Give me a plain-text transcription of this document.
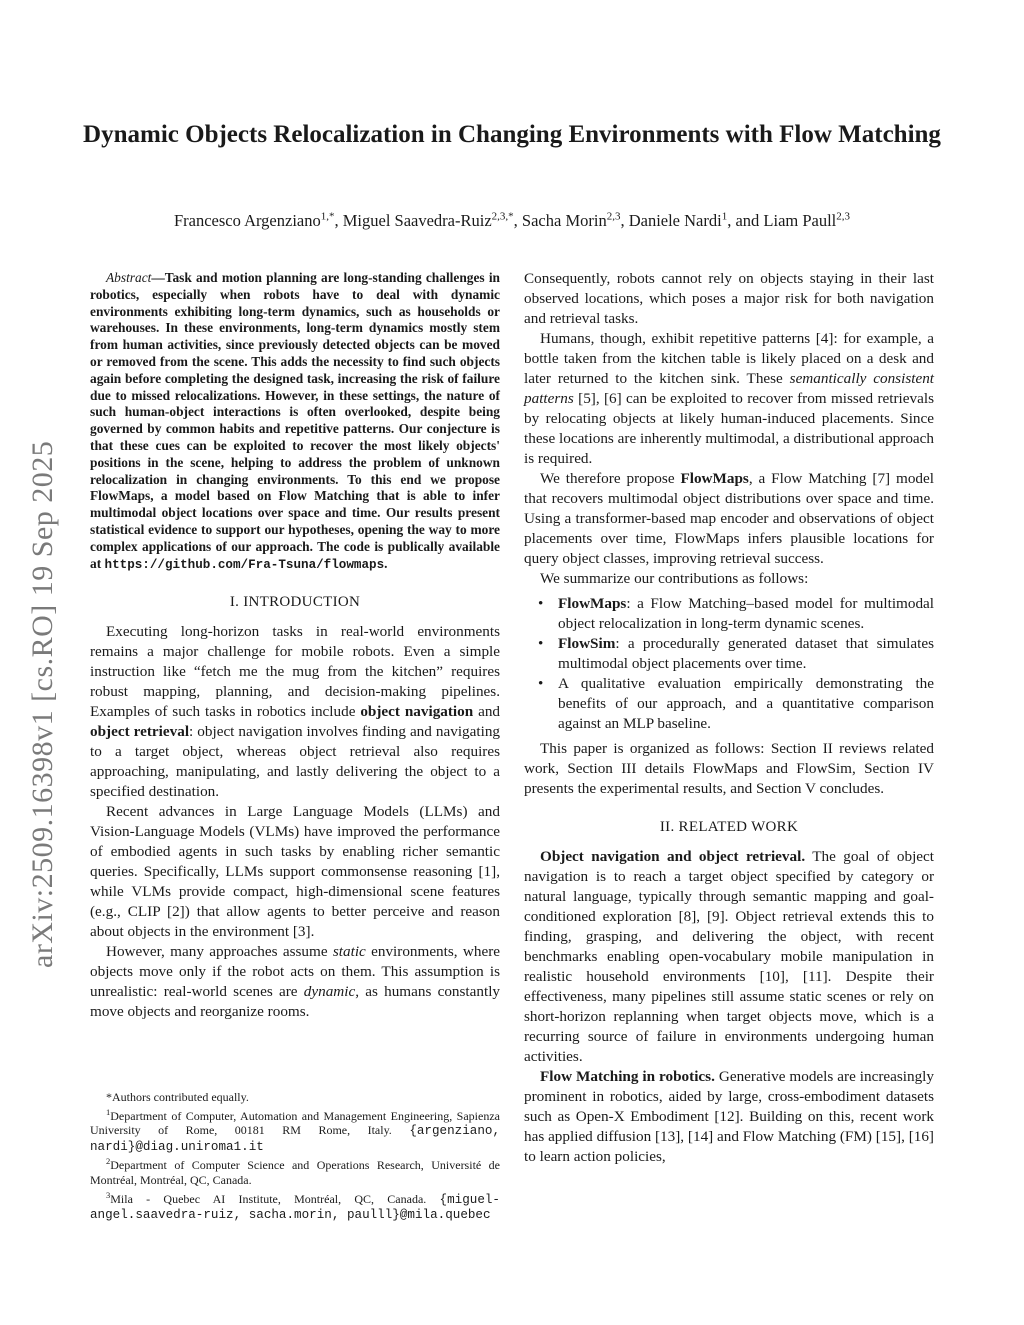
Dynamic Objects Relocalization in Changing Environments with Flow Matching
Francesco Argenziano$^{1,*}$, Miguel Saavedra-Ruiz$^{2,3,*}$, Sacha Morin$^{2,3}$, Daniele Nardi$^1$, and Liam Paull$^{2,3}$
arXiv:2509.16398v1 [cs.RO] 19 Sep 2025

Abstract—Task and motion planning are long-standing challenges in robotics, especially when robots have to deal with dynamic environments exhibiting long-term dynamics, such as households or warehouses. In these environments, long-term dynamics mostly stem from human activities, since previously detected objects can be moved or removed from the scene. This adds the necessity to find such objects again before completing the designed task, increasing the risk of failure due to missed relocalizations. However, in these settings, the nature of such human-object interactions is often overlooked, despite being governed by common habits and repetitive patterns. Our conjecture is that these cues can be exploited to recover the most likely objects' positions in the scene, helping to address the problem of unknown relocalization in changing environments. To this end we propose FlowMaps, a model based on Flow Matching that is able to infer multimodal object locations over space and time. Our results present statistical evidence to support our hypotheses, opening the way to more complex applications of our approach. The code is publically available at https://github.com/Fra-Tsuna/flowmaps.

I. INTRODUCTION

Executing long-horizon tasks in real-world environments remains a major challenge for mobile robots. Even a simple instruction like “fetch me the mug from the kitchen” requires robust mapping, planning, and decision-making pipelines. Examples of such tasks in robotics include object navigation and object retrieval: object navigation involves finding and navigating to a target object, whereas object retrieval also requires approaching, manipulating, and lastly delivering the object to a specified destination.

Recent advances in Large Language Models (LLMs) and Vision-Language Models (VLMs) have improved the performance of embodied agents in such tasks by enabling richer semantic queries. Specifically, LLMs support commonsense reasoning [1], while VLMs provide compact, high-dimensional scene features (e.g., CLIP [2]) that allow agents to better perceive and reason about objects in the environment [3].

However, many approaches assume static environments, where objects move only if the robot acts on them. This assumption is unrealistic: real-world scenes are dynamic, as humans constantly move objects and reorganize rooms.

*Authors contributed equally.

$^1$Department of Computer, Automation and Management Engineering, Sapienza University of Rome, 00181 RM Rome, Italy. {argenziano, nardi}@diag.uniroma1.it

$^2$Department of Computer Science and Operations Research, Université de Montréal, Montréal, QC, Canada.

$^3$Mila - Quebec AI Institute, Montréal, QC, Canada. {miguel-angel.saavedra-ruiz, sacha.morin, paulll}@mila.quebec

Consequently, robots cannot rely on objects staying in their last observed locations, which poses a major risk for both navigation and retrieval tasks.

Humans, though, exhibit repetitive patterns [4]: for example, a bottle taken from the kitchen table is likely placed on a desk and later returned to the kitchen sink. These semantically consistent patterns [5], [6] can be exploited to recover from missed retrievals by relocating objects at likely human-induced placements. Since these locations are inherently multimodal, a distributional approach is required.

We therefore propose FlowMaps, a Flow Matching [7] model that recovers multimodal object distributions over space and time. Using a transformer-based map encoder and observations of object placements over time, FlowMaps infers plausible locations for query object classes, improving retrieval success.

We summarize our contributions as follows:

• FlowMaps: a Flow Matching–based model for multimodal object relocalization in long-term dynamic scenes.
• FlowSim: a procedurally generated dataset that simulates multimodal object placements over time.
• A qualitative evaluation empirically demonstrating the benefits of our approach, and a quantitative comparison against an MLP baseline.

This paper is organized as follows: Section II reviews related work, Section III details FlowMaps and FlowSim, Section IV presents the experimental results, and Section V concludes.

II. RELATED WORK

Object navigation and object retrieval. The goal of object navigation is to reach a target object specified by category or natural language, typically through semantic mapping and goal-conditioned exploration [8], [9]. Object retrieval extends this to finding, grasping, and delivering the object, with recent benchmarks enabling open-vocabulary mobile manipulation in realistic household environments [10], [11]. Despite their effectiveness, many pipelines still assume static scenes or rely on short-horizon replanning when target objects move, which is a recurring source of failure in environments undergoing human activities.

Flow Matching in robotics. Generative models are increasingly prominent in robotics, aided by large, cross-embodiment datasets such as Open-X Embodiment [12]. Building on this, recent work has applied diffusion [13], [14] and Flow Matching (FM) [15], [16] to learn action policies,
